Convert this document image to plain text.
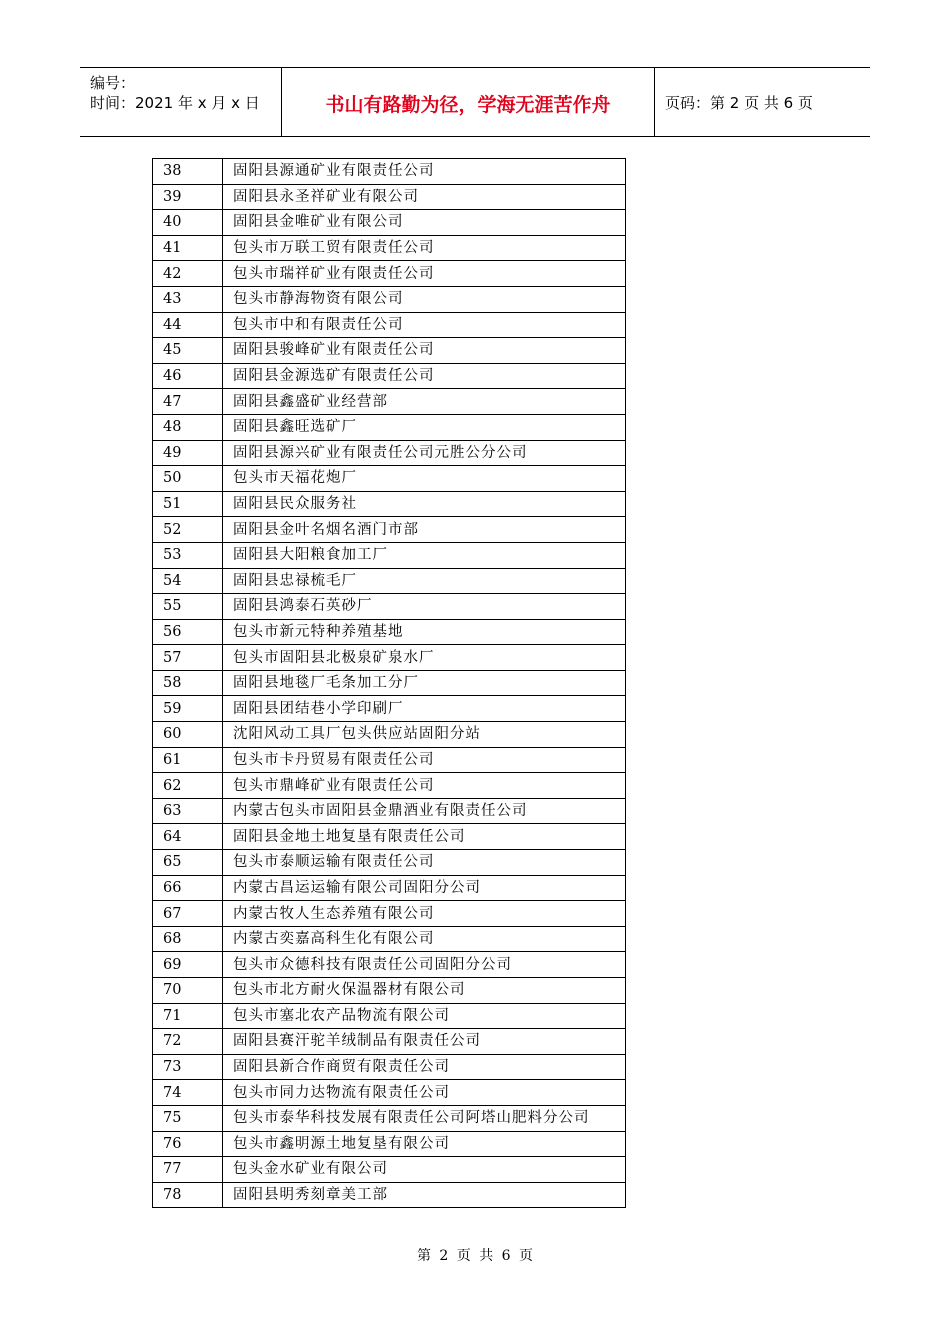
编号：
时间：2021 年 x 月 x 日	书山有路勤为径，学海无涯苦作舟	页码：第 2 页 共 6 页
38	固阳县源通矿业有限责任公司
39	固阳县永圣祥矿业有限公司
40	固阳县金唯矿业有限公司
41	包头市万联工贸有限责任公司
42	包头市瑞祥矿业有限责任公司
43	包头市静海物资有限公司
44	包头市中和有限责任公司
45	固阳县骏峰矿业有限责任公司
46	固阳县金源选矿有限责任公司
47	固阳县鑫盛矿业经营部
48	固阳县鑫旺选矿厂
49	固阳县源兴矿业有限责任公司元胜公分公司
50	包头市天福花炮厂
51	固阳县民众服务社
52	固阳县金叶名烟名酒门市部
53	固阳县大阳粮食加工厂
54	固阳县忠禄梳毛厂
55	固阳县鸿泰石英砂厂
56	包头市新元特种养殖基地
57	包头市固阳县北极泉矿泉水厂
58	固阳县地毯厂毛条加工分厂
59	固阳县团结巷小学印刷厂
60	沈阳风动工具厂包头供应站固阳分站
61	包头市卡丹贸易有限责任公司
62	包头市鼎峰矿业有限责任公司
63	内蒙古包头市固阳县金鼎酒业有限责任公司
64	固阳县金地土地复垦有限责任公司
65	包头市泰顺运输有限责任公司
66	内蒙古昌运运输有限公司固阳分公司
67	内蒙古牧人生态养殖有限公司
68	内蒙古奕嘉高科生化有限公司
69	包头市众德科技有限责任公司固阳分公司
70	包头市北方耐火保温器材有限公司
71	包头市塞北农产品物流有限公司
72	固阳县赛汗驼羊绒制品有限责任公司
73	固阳县新合作商贸有限责任公司
74	包头市同力达物流有限责任公司
75	包头市泰华科技发展有限责任公司阿塔山肥料分公司
76	包头市鑫明源土地复垦有限公司
77	包头金水矿业有限公司
78	固阳县明秀刻章美工部
第 2 页 共 6 页
